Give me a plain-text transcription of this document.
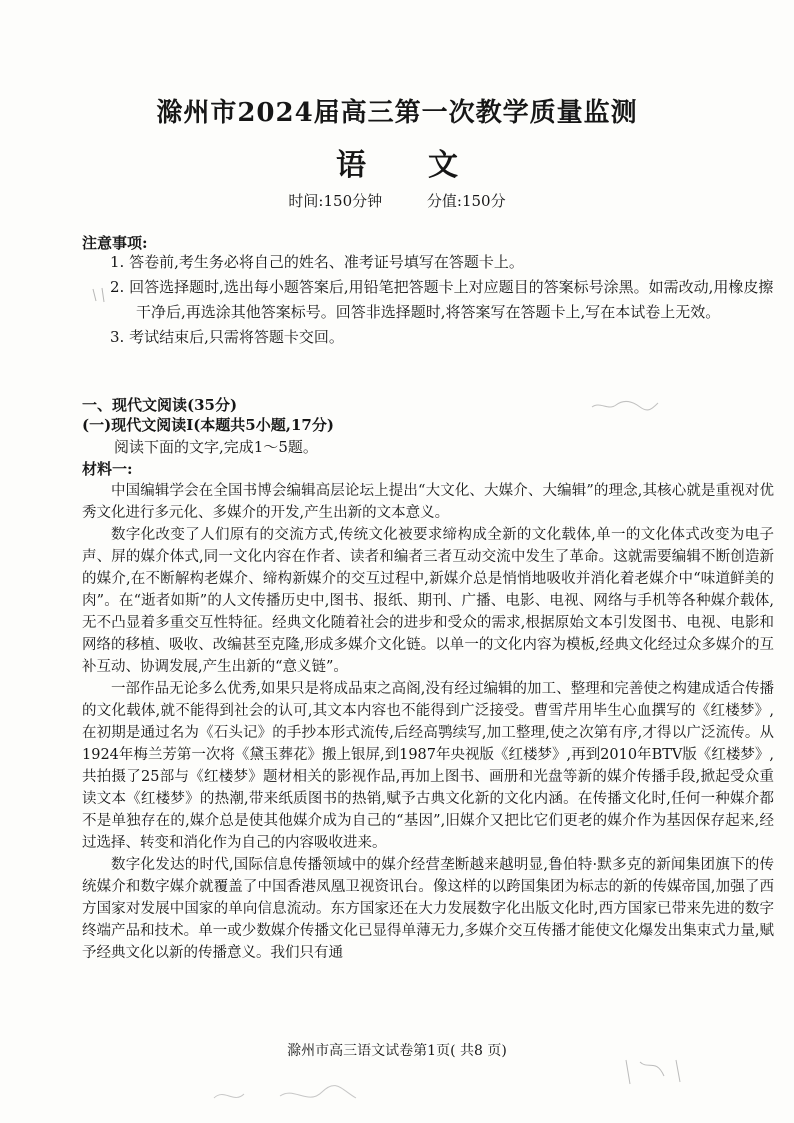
滁州市2024届高三第一次教学质量监测
语文
时间:150分钟	分值:150分
注意事项:
1. 答卷前,考生务必将自己的姓名、准考证号填写在答题卡上。
2. 回答选择题时,选出每小题答案后,用铅笔把答题卡上对应题目的答案标号涂黑。如需改动,用橡皮擦干净后,再选涂其他答案标号。回答非选择题时,将答案写在答题卡上,写在本试卷上无效。
3. 考试结束后,只需将答题卡交回。
一、现代文阅读(35分)
(一)现代文阅读Ⅰ(本题共5小题,17分)
阅读下面的文字,完成1～5题。
材料一:

中国编辑学会在全国书博会编辑高层论坛上提出“大文化、大媒介、大编辑”的理念,其核心就是重视对优秀文化进行多元化、多媒介的开发,产生出新的文本意义。

数字化改变了人们原有的交流方式,传统文化被要求缔构成全新的文化载体,单一的文化体式改变为电子声、屏的媒介体式,同一文化内容在作者、读者和编者三者互动交流中发生了革命。这就需要编辑不断创造新的媒介,在不断解构老媒介、缔构新媒介的交互过程中,新媒介总是悄悄地吸收并消化着老媒介中“味道鲜美的肉”。在“逝者如斯”的人文传播历史中,图书、报纸、期刊、广播、电影、电视、网络与手机等各种媒介载体,无不凸显着多重交互性特征。经典文化随着社会的进步和受众的需求,根据原始文本引发图书、电视、电影和网络的移植、吸收、改编甚至克隆,形成多媒介文化链。以单一的文化内容为模板,经典文化经过众多媒介的互补互动、协调发展,产生出新的“意义链”。

一部作品无论多么优秀,如果只是将成品束之高阁,没有经过编辑的加工、整理和完善使之构建成适合传播的文化载体,就不能得到社会的认可,其文本内容也不能得到广泛接受。曹雪芹用毕生心血撰写的《红楼梦》,在初期是通过名为《石头记》的手抄本形式流传,后经高鹗续写,加工整理,使之次第有序,才得以广泛流传。从1924年梅兰芳第一次将《黛玉葬花》搬上银屏,到1987年央视版《红楼梦》,再到2010年BTV版《红楼梦》,共拍摄了25部与《红楼梦》题材相关的影视作品,再加上图书、画册和光盘等新的媒介传播手段,掀起受众重读文本《红楼梦》的热潮,带来纸质图书的热销,赋予古典文化新的文化内涵。在传播文化时,任何一种媒介都不是单独存在的,媒介总是使其他媒介成为自己的“基因”,旧媒介又把比它们更老的媒介作为基因保存起来,经过选择、转变和消化作为自己的内容吸收进来。

数字化发达的时代,国际信息传播领域中的媒介经营垄断越来越明显,鲁伯特·默多克的新闻集团旗下的传统媒介和数字媒介就覆盖了中国香港凤凰卫视资讯台。像这样的以跨国集团为标志的新的传媒帝国,加强了西方国家对发展中国家的单向信息流动。东方国家还在大力发展数字化出版文化时,西方国家已带来先进的数字终端产品和技术。单一或少数媒介传播文化已显得单薄无力,多媒介交互传播才能使文化爆发出集束式力量,赋予经典文化以新的传播意义。我们只有通

滁州市高三语文试卷第1页( 共8 页)
